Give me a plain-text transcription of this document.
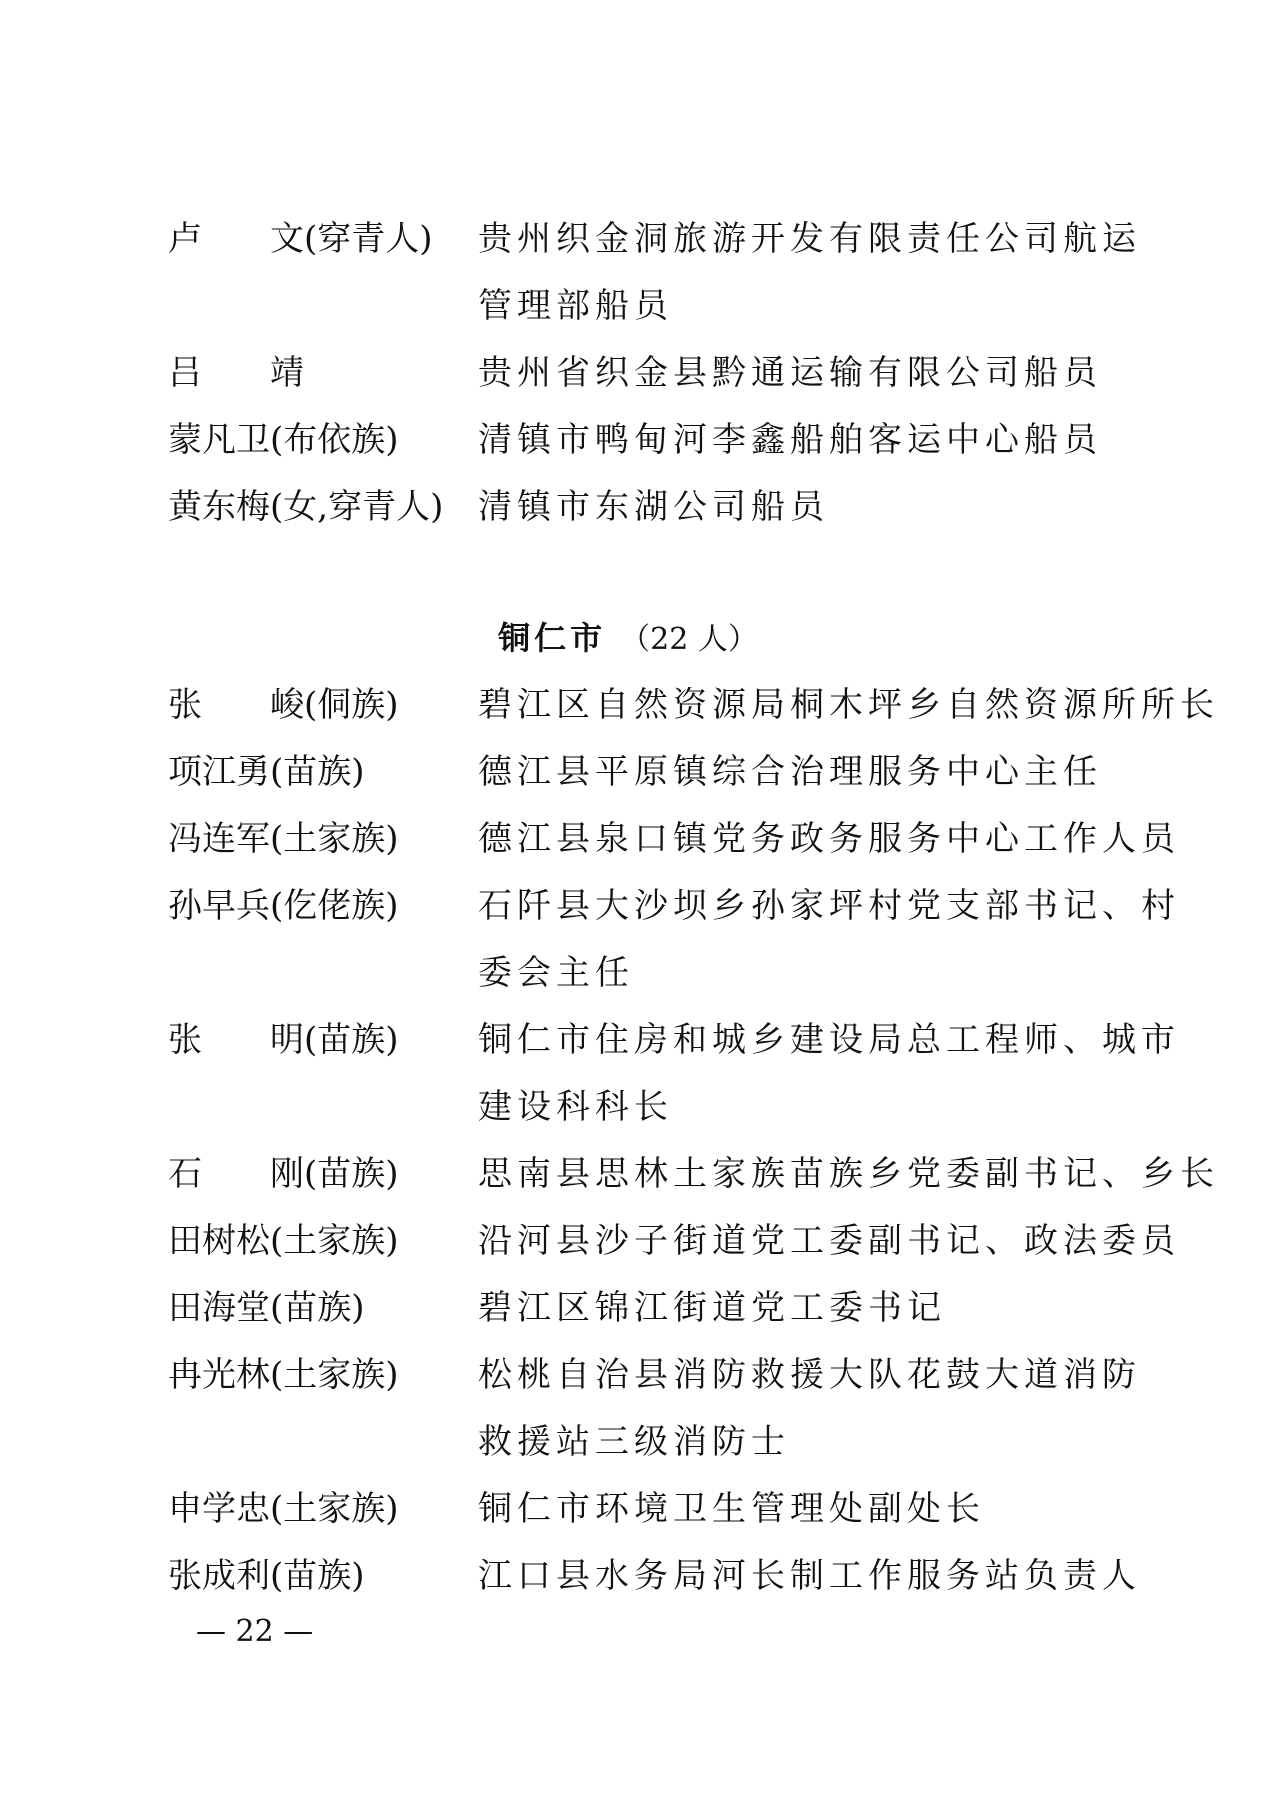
卢 文(穿青人)	贵州织金洞旅游开发有限责任公司航运
管理部船员
吕 靖	贵州省织金县黔通运输有限公司船员
蒙凡卫(布依族)	清镇市鸭甸河李鑫船舶客运中心船员
黄东梅(女,穿青人)	清镇市东湖公司船员
铜仁市 （22 人）
张 峻(侗族)	碧江区自然资源局桐木坪乡自然资源所所长
项江勇(苗族)	德江县平原镇综合治理服务中心主任
冯连军(土家族)	德江县泉口镇党务政务服务中心工作人员
孙早兵(仡佬族)	石阡县大沙坝乡孙家坪村党支部书记、村
委会主任
张 明(苗族)	铜仁市住房和城乡建设局总工程师、城市
建设科科长
石 刚(苗族)	思南县思林土家族苗族乡党委副书记、乡长
田树松(土家族)	沿河县沙子街道党工委副书记、政法委员
田海堂(苗族)	碧江区锦江街道党工委书记
冉光林(土家族)	松桃自治县消防救援大队花鼓大道消防
救援站三级消防士
申学忠(土家族)	铜仁市环境卫生管理处副处长
张成利(苗族)	江口县水务局河长制工作服务站负责人
— 22 —
